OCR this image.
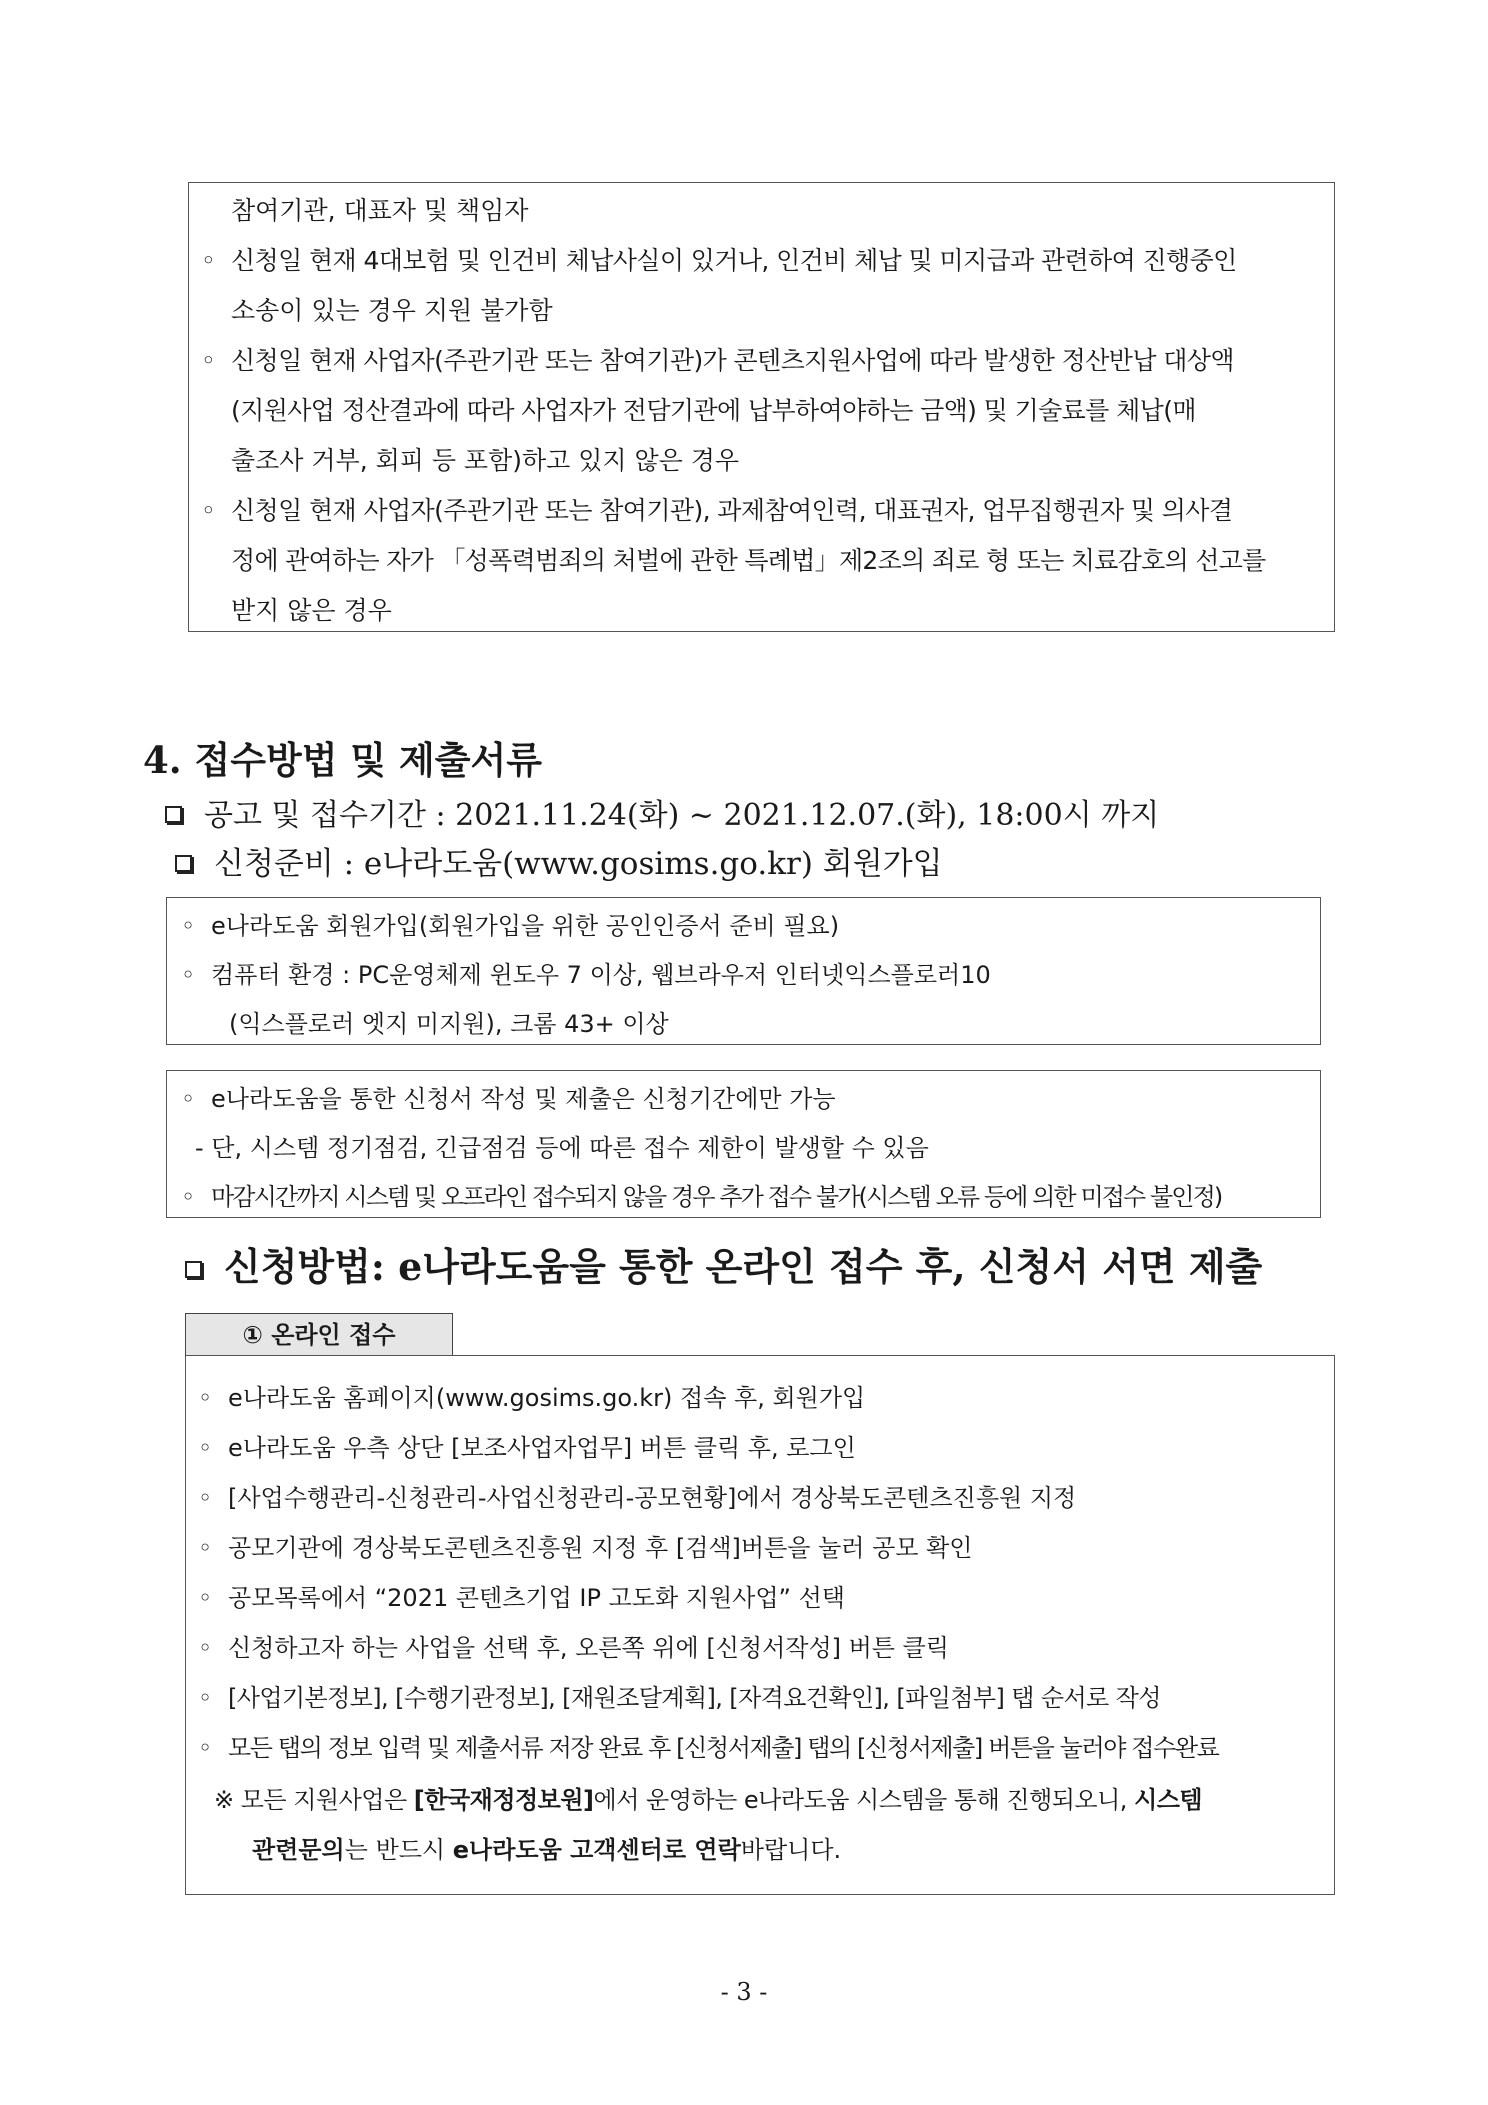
참여기관, 대표자 및 책임자
◦ 신청일 현재 4대보험 및 인건비 체납사실이 있거나, 인건비 체납 및 미지급과 관련하여 진행중인
소송이 있는 경우 지원 불가함
◦ 신청일 현재 사업자(주관기관 또는 참여기관)가 콘텐츠지원사업에 따라 발생한 정산반납 대상액
(지원사업 정산결과에 따라 사업자가 전담기관에 납부하여야하는 금액) 및 기술료를 체납(매
출조사 거부, 회피 등 포함)하고 있지 않은 경우
◦ 신청일 현재 사업자(주관기관 또는 참여기관), 과제참여인력, 대표권자, 업무집행권자 및 의사결
정에 관여하는 자가 「성폭력범죄의 처벌에 관한 특례법」제2조의 죄로 형 또는 치료감호의 선고를
받지 않은 경우
4. 접수방법 및 제출서류
공고 및 접수기간 : 2021.11.24(화) ~ 2021.12.07.(화), 18:00시 까지
신청준비 : e나라도움(www.gosims.go.kr) 회원가입
◦ e나라도움 회원가입(회원가입을 위한 공인인증서 준비 필요)
◦ 컴퓨터 환경 : PC운영체제 윈도우 7 이상, 웹브라우저 인터넷익스플로러10
(익스플로러 엣지 미지원), 크롬 43+ 이상
◦ e나라도움을 통한 신청서 작성 및 제출은 신청기간에만 가능
- 단, 시스템 정기점검, 긴급점검 등에 따른 접수 제한이 발생할 수 있음
◦ 마감시간까지 시스템 및 오프라인 접수되지 않을 경우 추가 접수 불가(시스템 오류 등에 의한 미접수 불인정)
신청방법: e나라도움을 통한 온라인 접수 후, 신청서 서면 제출
① 온라인 접수
◦ e나라도움 홈페이지(www.gosims.go.kr) 접속 후, 회원가입
◦ e나라도움 우측 상단 [보조사업자업무] 버튼 클릭 후, 로그인
◦ [사업수행관리-신청관리-사업신청관리-공모현황]에서 경상북도콘텐츠진흥원 지정
◦ 공모기관에 경상북도콘텐츠진흥원 지정 후 [검색]버튼을 눌러 공모 확인
◦ 공모목록에서 “2021 콘텐츠기업 IP 고도화 지원사업” 선택
◦ 신청하고자 하는 사업을 선택 후, 오른쪽 위에 [신청서작성] 버튼 클릭
◦ [사업기본정보], [수행기관정보], [재원조달계획], [자격요건확인], [파일첨부] 탭 순서로 작성
◦ 모든 탭의 정보 입력 및 제출서류 저장 완료 후 [신청서제출] 탭의 [신청서제출] 버튼을 눌러야 접수완료
※ 모든 지원사업은 [한국재정정보원]에서 운영하는 e나라도움 시스템을 통해 진행되오니, 시스템
관련문의는 반드시 e나라도움 고객센터로 연락바랍니다.
- 3 -
